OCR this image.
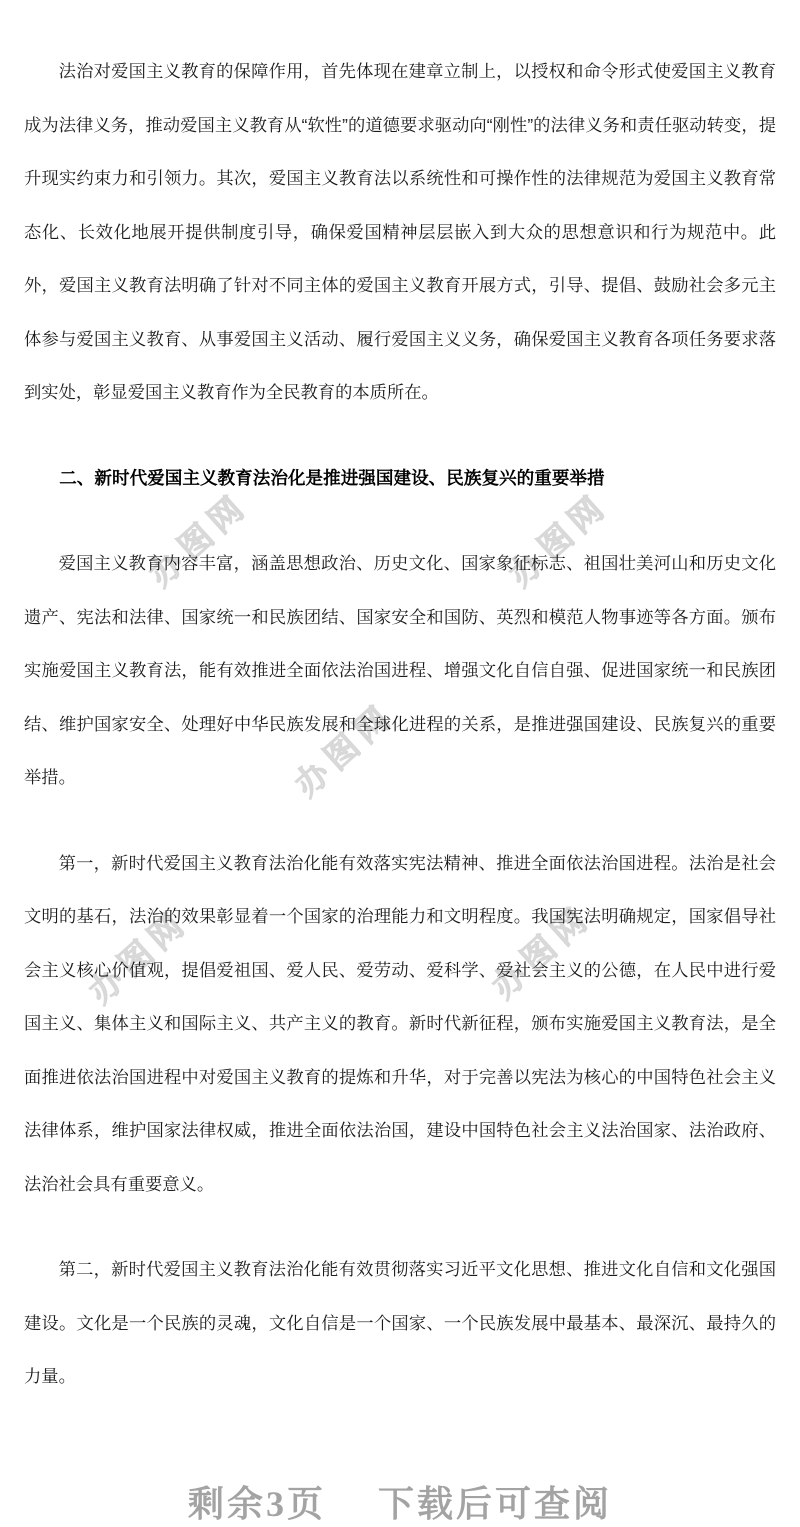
办图网	办图网
办图网
办图网	办图网

法治对爱国主义教育的保障作用，首先体现在建章立制上，以授权和命令形式使爱国主义教育成为法律义务，推动爱国主义教育从“软性”的道德要求驱动向“刚性”的法律义务和责任驱动转变，提升现实约束力和引领力。其次，爱国主义教育法以系统性和可操作性的法律规范为爱国主义教育常态化、长效化地展开提供制度引导，确保爱国精神层层嵌入到大众的思想意识和行为规范中。此外，爱国主义教育法明确了针对不同主体的爱国主义教育开展方式，引导、提倡、鼓励社会多元主体参与爱国主义教育、从事爱国主义活动、履行爱国主义义务，确保爱国主义教育各项任务要求落到实处，彰显爱国主义教育作为全民教育的本质所在。

二、新时代爱国主义教育法治化是推进强国建设、民族复兴的重要举措

爱国主义教育内容丰富，涵盖思想政治、历史文化、国家象征标志、祖国壮美河山和历史文化遗产、宪法和法律、国家统一和民族团结、国家安全和国防、英烈和模范人物事迹等各方面。颁布实施爱国主义教育法，能有效推进全面依法治国进程、增强文化自信自强、促进国家统一和民族团结、维护国家安全、处理好中华民族发展和全球化进程的关系，是推进强国建设、民族复兴的重要举措。

第一，新时代爱国主义教育法治化能有效落实宪法精神、推进全面依法治国进程。法治是社会文明的基石，法治的效果彰显着一个国家的治理能力和文明程度。我国宪法明确规定，国家倡导社会主义核心价值观，提倡爱祖国、爱人民、爱劳动、爱科学、爱社会主义的公德，在人民中进行爱国主义、集体主义和国际主义、共产主义的教育。新时代新征程，颁布实施爱国主义教育法，是全面推进依法治国进程中对爱国主义教育的提炼和升华，对于完善以宪法为核心的中国特色社会主义法律体系，维护国家法律权威，推进全面依法治国，建设中国特色社会主义法治国家、法治政府、法治社会具有重要意义。

第二，新时代爱国主义教育法治化能有效贯彻落实习近平文化思想、推进文化自信和文化强国建设。文化是一个民族的灵魂，文化自信是一个国家、一个民族发展中最基本、最深沉、最持久的力量。

剩余3页 下载后可查阅
